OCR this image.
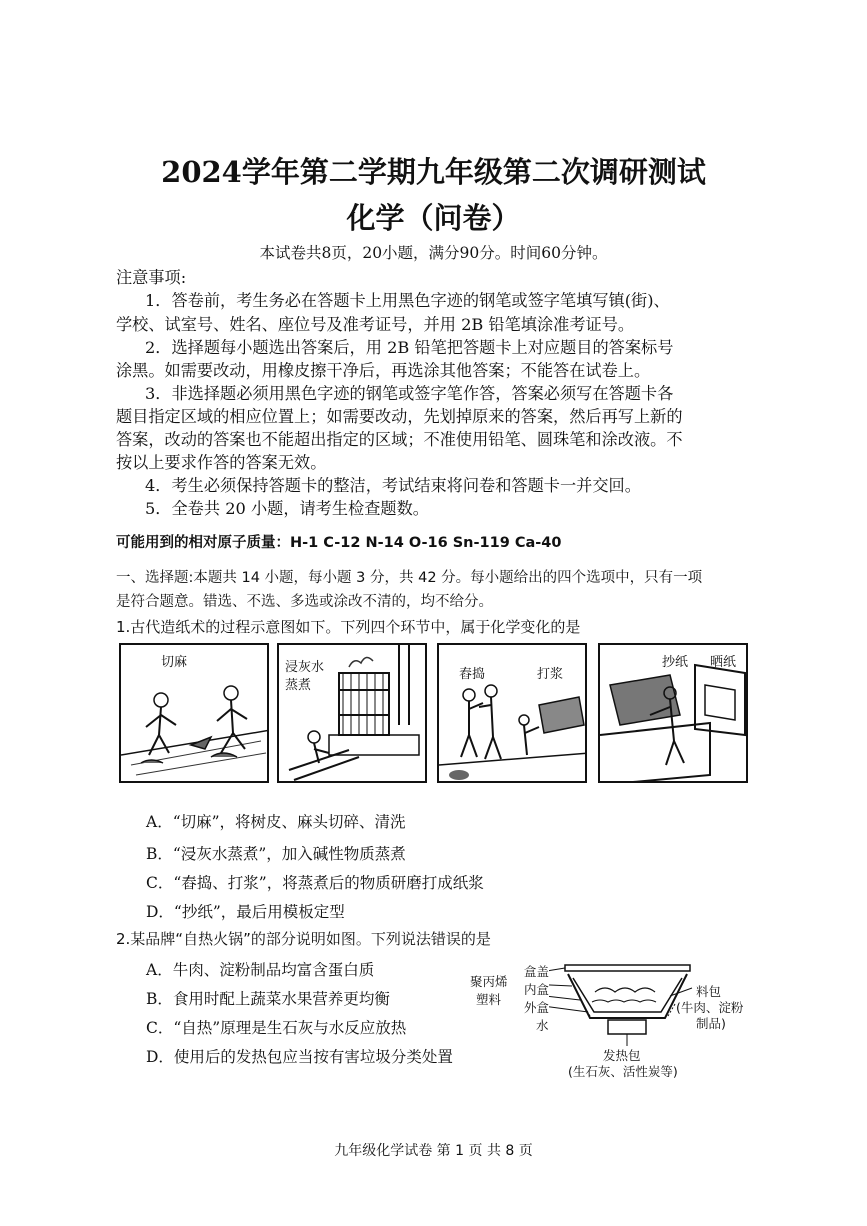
2024学年第二学期九年级第二次调研测试
化学（问卷）
本试卷共8页，20小题，满分90分。时间60分钟。
注意事项:
1．答卷前，考生务必在答题卡上用黑色字迹的钢笔或签字笔填写镇(街)、
学校、试室号、姓名、座位号及准考证号，并用 2B 铅笔填涂准考证号。
2．选择题每小题选出答案后，用 2B 铅笔把答题卡上对应题目的答案标号
涂黑。如需要改动，用橡皮擦干净后，再选涂其他答案；不能答在试卷上。
3．非选择题必须用黑色字迹的钢笔或签字笔作答，答案必须写在答题卡各
题目指定区域的相应位置上；如需要改动，先划掉原来的答案，然后再写上新的
答案，改动的答案也不能超出指定的区域；不准使用铅笔、圆珠笔和涂改液。不
按以上要求作答的答案无效。
4．考生必须保持答题卡的整洁，考试结束将问卷和答题卡一并交回。
5．全卷共 20 小题，请考生检查题数。
可能用到的相对原子质量：H-1 C-12 N-14 O-16 Sn-119 Ca-40
一、选择题:本题共 14 小题，每小题 3 分，共 42 分。每小题给出的四个选项中，只有一项
是符合题意。错选、不选、多选或涂改不清的，均不给分。
1.古代造纸术的过程示意图如下。下列四个环节中，属于化学变化的是
切麻	浸灰水蒸煮
舂捣	打浆
抄纸 晒纸
A．“切麻”，将树皮、麻头切碎、清洗
B．“浸灰水蒸煮”，加入碱性物质蒸煮
C．“舂捣、打浆”，将蒸煮后的物质研磨打成纸浆
D．“抄纸”，最后用模板定型
2.某品牌“自热火锅”的部分说明如图。下列说法错误的是
A．牛肉、淀粉制品均富含蛋白质
B．食用时配上蔬菜水果营养更均衡
C．“自热”原理是生石灰与水反应放热
D．使用后的发热包应当按有害垃圾分类处置
聚丙烯
塑料
盒盖
内盒
外盒
水
料包
(牛肉、淀粉
制品)
发热包
(生石灰、活性炭等)
九年级化学试卷 第 1 页 共 8 页
